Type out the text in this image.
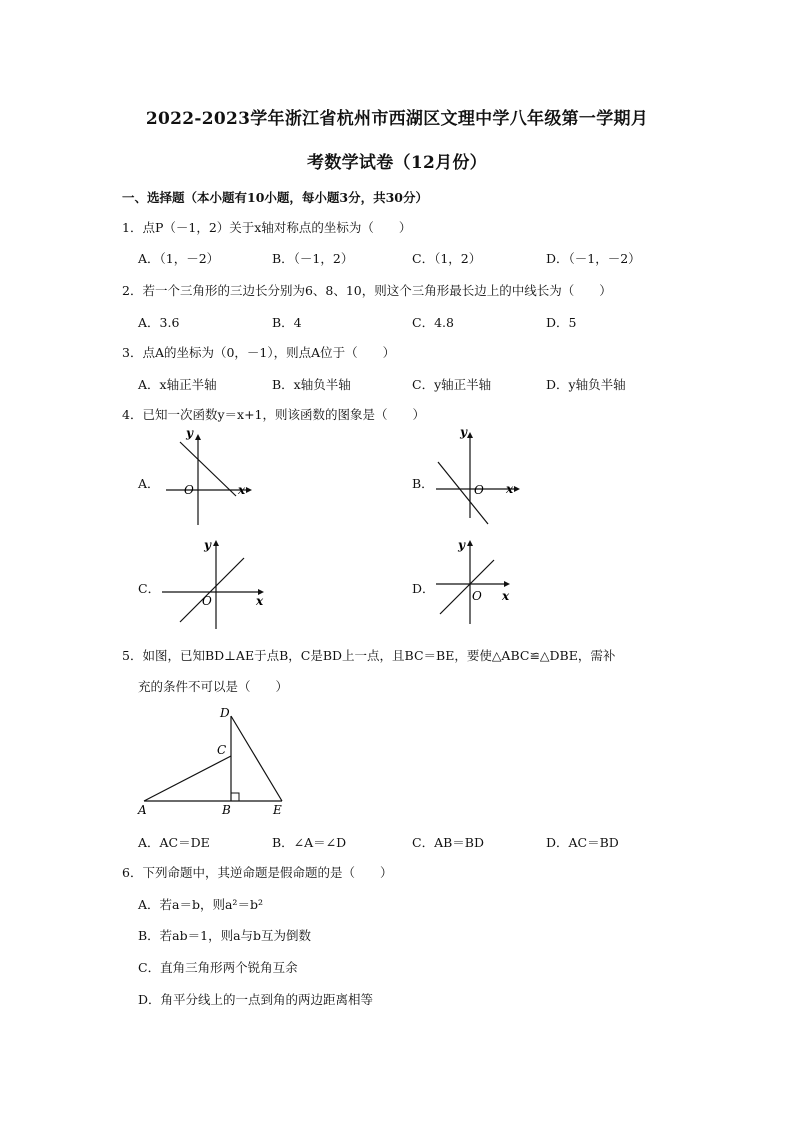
2022-2023学年浙江省杭州市西湖区文理中学八年级第一学期月
考数学试卷（12月份）
一、选择题（本小题有10小题，每小题3分，共30分）
1．点P（－1，2）关于x轴对称点的坐标为（　　）
A．（1，－2）	B．（－1，2）	C．（1，2）	D．（－1，－2）
2．若一个三角形的三边长分别为6、8、10，则这个三角形最长边上的中线长为（　　）
A．3.6	B．4	C．4.8	D．5
3．点A的坐标为（0，－1），则点A位于（　　）
A．x轴正半轴	B．x轴负半轴	C．y轴正半轴	D．y轴负半轴
4．已知一次函数y＝x+1，则该函数的图象是（　　）
A．
y
x
O	B．
y
x
O
C．
y
x
O
D．
y
x
O
5．如图，已知BD⊥AE于点B，C是BD上一点，且BC＝BE，要使△ABC≌△DBE，需补
充的条件不可以是（　　）
A	B
C
D
E
A．AC＝DE	B．∠A＝∠D	C．AB＝BD	D．AC＝BD
6．下列命题中，其逆命题是假命题的是（　　）
A．若a＝b，则a²＝b²
B．若ab＝1，则a与b互为倒数
C．直角三角形两个锐角互余
D．角平分线上的一点到角的两边距离相等
